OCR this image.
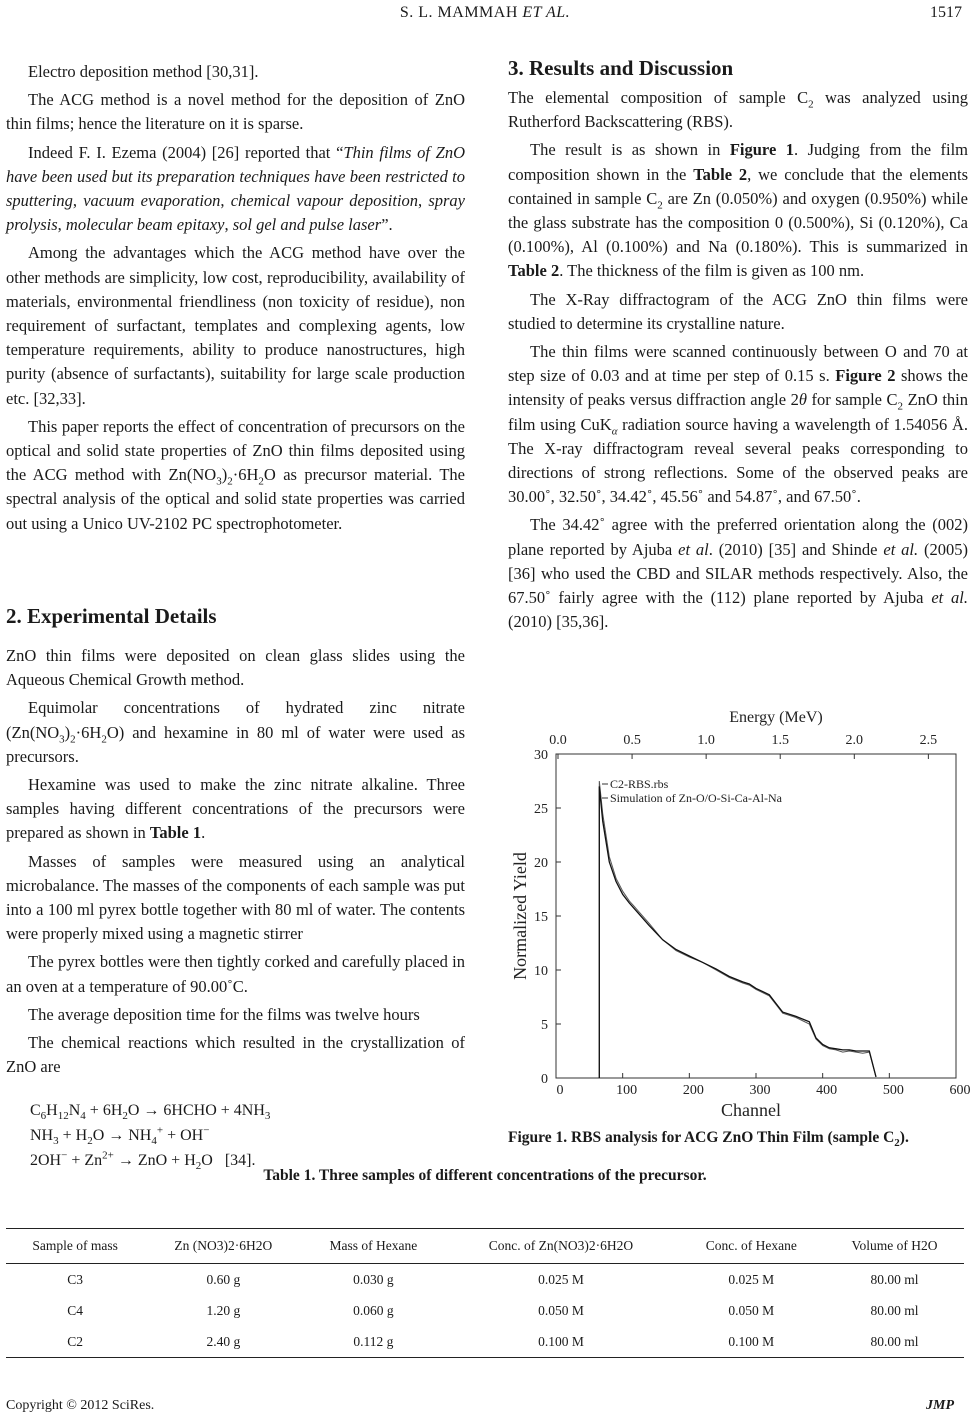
S. L. MAMMAH ET AL.	1517

Electro deposition method [30,31].

The ACG method is a novel method for the deposition of ZnO thin films; hence the literature on it is sparse.

Indeed F. I. Ezema (2004) [26] reported that “Thin films of ZnO have been used but its preparation techniques have been restricted to sputtering, vacuum evaporation, chemical vapour deposition, spray prolysis, molecular beam epitaxy, sol gel and pulse laser”.

Among the advantages which the ACG method have over the other methods are simplicity, low cost, reproducibility, availability of materials, environmental friendliness (non toxicity of residue), non requirement of surfactant, templates and complexing agents, low temperature requirements, ability to produce nanostructures, high purity (absence of surfactants), suitability for large scale production etc. [32,33].

This paper reports the effect of concentration of precursors on the optical and solid state properties of ZnO thin films deposited using the ACG method with $Zn(NO_3)_2\cdot 6H_2O$ as precursor material. The spectral analysis of the optical and solid state properties was carried out using a Unico UV-2102 PC spectrophotometer.

2. Experimental Details

ZnO thin films were deposited on clean glass slides using the Aqueous Chemical Growth method.

Equimolar concentrations of hydrated zinc nitrate $(Zn(NO_3)_2\cdot 6H_2O)$ and hexamine in 80 ml of water were used as precursors.

Hexamine was used to make the zinc nitrate alkaline. Three samples having different concentrations of the precursors were prepared as shown in Table 1.

Masses of samples were measured using an analytical microbalance. The masses of the components of each sample was put into a 100 ml pyrex bottle together with 80 ml of water. The contents were properly mixed using a magnetic stirrer

The pyrex bottles were then tightly corked and carefully placed in an oven at a temperature of 90.00˚C.

The average deposition time for the films was twelve hours

The chemical reactions which resulted in the crystallization of ZnO are

$C_6H_{12}N_4 + 6H_2O$ → 6HCHO + $4NH_3$
$NH_3 + H_2O \to NH_4^+ + OH^-$
$2OH^- + Zn^{2+}$ → ZnO + $H_2O$   [34].
3. Results and Discussion

The elemental composition of sample $C_2$ was analyzed using Rutherford Backscattering (RBS).

The result is as shown in Figure 1. Judging from the film composition shown in the Table 2, we conclude that the elements contained in sample $C_2$ are Zn (0.050%) and oxygen (0.950%) while the glass substrate has the composition 0 (0.500%), Si (0.120%), Ca (0.100%), Al (0.100%) and Na (0.180%). This is summarized in Table 2. The thickness of the film is given as 100 nm.

The X-Ray diffractogram of the ACG ZnO thin films were studied to determine its crystalline nature.

The thin films were scanned continuously between O and 70 at step size of 0.03 and at time per step of 0.15 s. Figure 2 shows the intensity of peaks versus diffraction angle 2θ for sample $C_2$ ZnO thin film using CuK$_\alpha$ radiation source having a wavelength of 1.54056 Å. The X-ray diffractogram reveal several peaks corresponding to directions of strong reflections. Some of the observed peaks are 30.00˚, 32.50˚, 34.42˚, 45.56˚ and 54.87˚, and 67.50˚.

The 34.42˚ agree with the preferred orientation along the (002) plane reported by Ajuba et al. (2010) [35] and Shinde et al. (2005) [36] who used the CBD and SILAR methods respectively. Also, the 67.50˚ fairly agree with the (112) plane reported by Ajuba et al. (2010) [35,36].

Energy (MeV)
0.0	0.5	1.0	1.5	2.0	2.5
0	100	200	300	400	500	600
Channel
0
5
10
15
20
25
30
Normalized Yield
C2-RBS.rbs
Simulation of Zn-O/O-Si-Ca-Al-Na
Figure 1. RBS analysis for ACG ZnO Thin Film (sample $C_2$).
Table 1. Three samples of different concentrations of the precursor.
Sample of mass	Zn (NO3)2·6H2O	Mass of Hexane	Conc. of Zn(NO3)2·6H2O	Conc. of Hexane	Volume of H2O
C3	0.60 g	0.030 g	0.025 M	0.025 M	80.00 ml
C4	1.20 g	0.060 g	0.050 M	0.050 M	80.00 ml
C2	2.40 g	0.112 g	0.100 M	0.100 M	80.00 ml
Copyright © 2012 SciRes.	JMP
